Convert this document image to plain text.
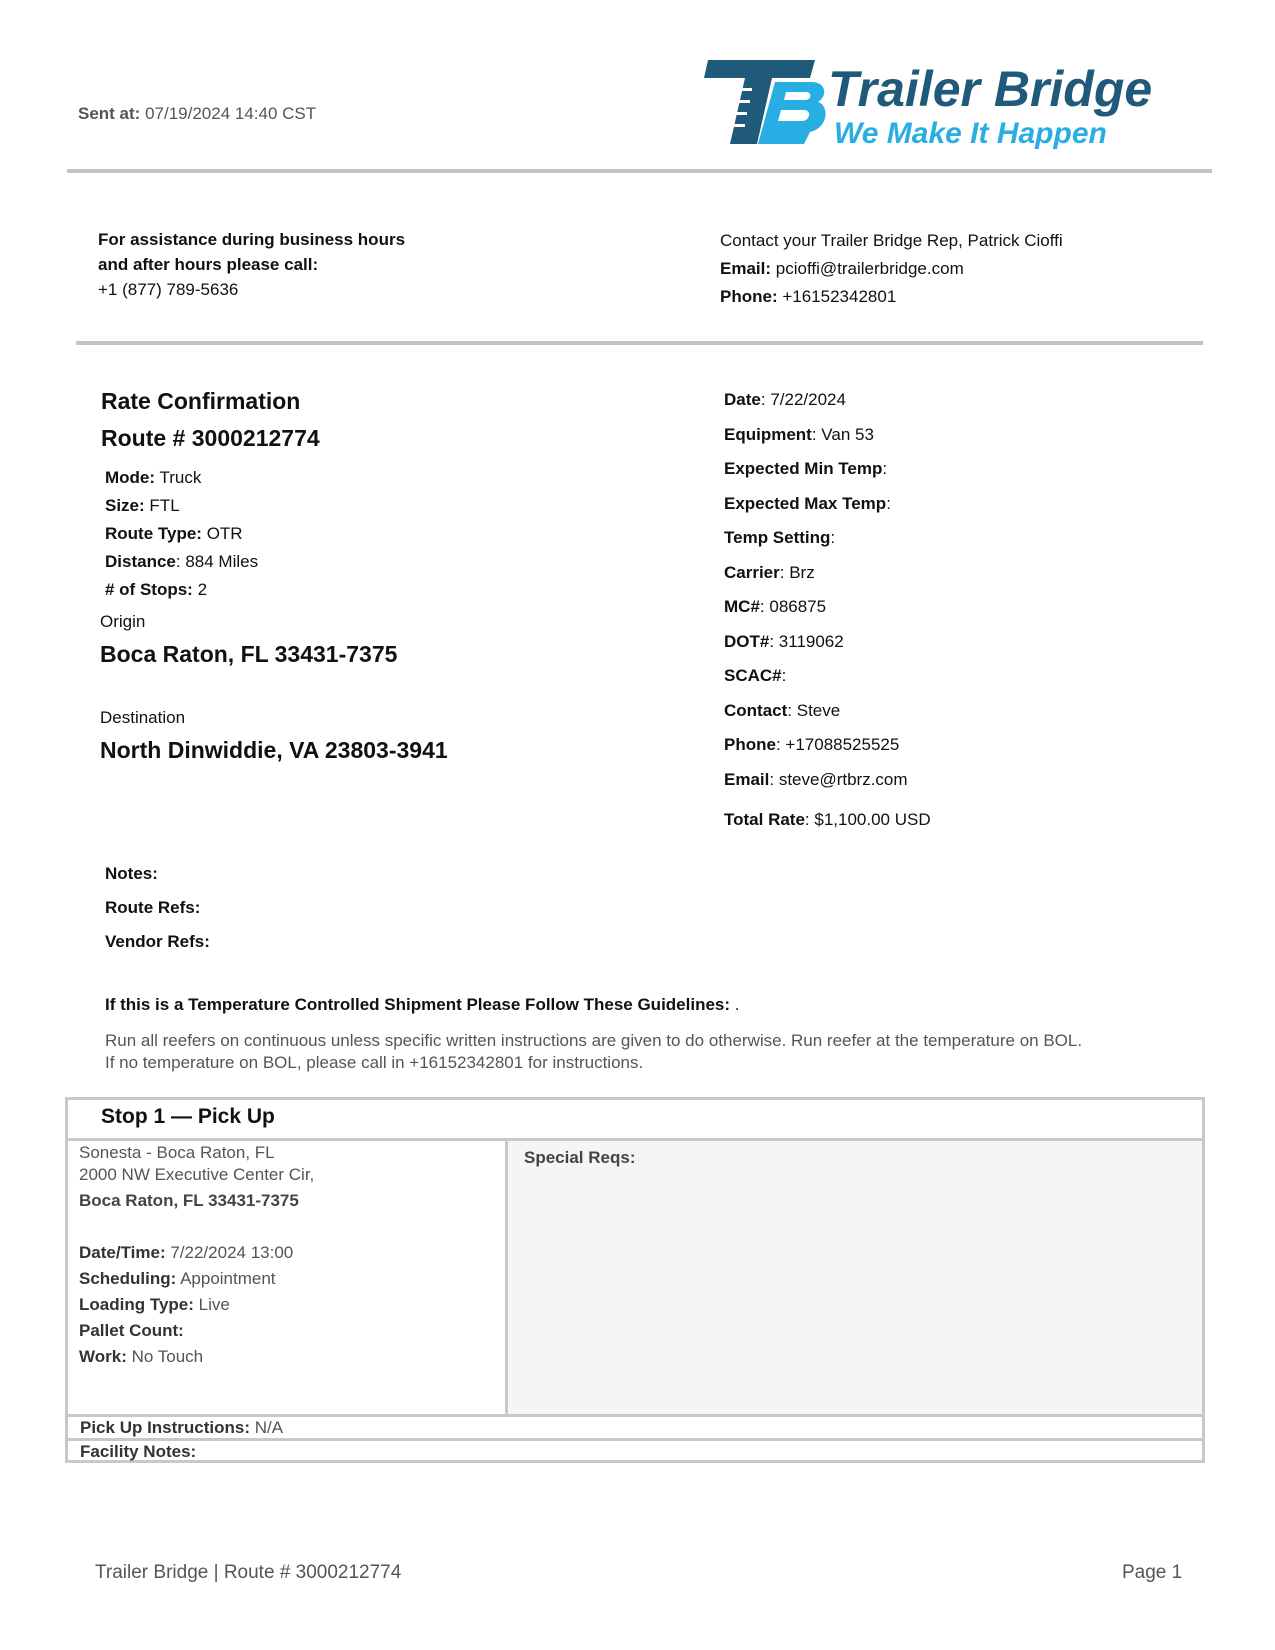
Sent at: 07/19/2024 14:40 CST	Trailer Bridge
We Make It Happen
For assistance during business hours
and after hours please call:
+1 (877) 789-5636
Contact your Trailer Bridge Rep, Patrick Cioffi
Email: pcioffi@trailerbridge.com
Phone: +16152342801
Rate Confirmation
Route # 3000212774
Mode: Truck
Size: FTL
Route Type: OTR
Distance: 884 Miles
# of Stops: 2
Origin
Boca Raton, FL 33431-7375
Destination
North Dinwiddie, VA 23803-3941
Date: 7/22/2024
Equipment: Van 53
Expected Min Temp:
Expected Max Temp:
Temp Setting:
Carrier: Brz
MC#: 086875
DOT#: 3119062
SCAC#:
Contact: Steve
Phone: +17088525525
Email: steve@rtbrz.com
Total Rate: $1,100.00 USD
Notes:
Route Refs:
Vendor Refs:
If this is a Temperature Controlled Shipment Please Follow These Guidelines: .
Run all reefers on continuous unless specific written instructions are given to do otherwise. Run reefer at the temperature on BOL.
If no temperature on BOL, please call in +16152342801 for instructions.
Stop 1 — Pick Up
Special Reqs:
Sonesta - Boca Raton, FL
2000 NW Executive Center Cir,
Boca Raton, FL 33431-7375
Date/Time: 7/22/2024 13:00
Scheduling: Appointment
Loading Type: Live
Pallet Count:
Work: No Touch
Pick Up Instructions: N/A
Facility Notes:
Trailer Bridge | Route # 3000212774	Page 1
